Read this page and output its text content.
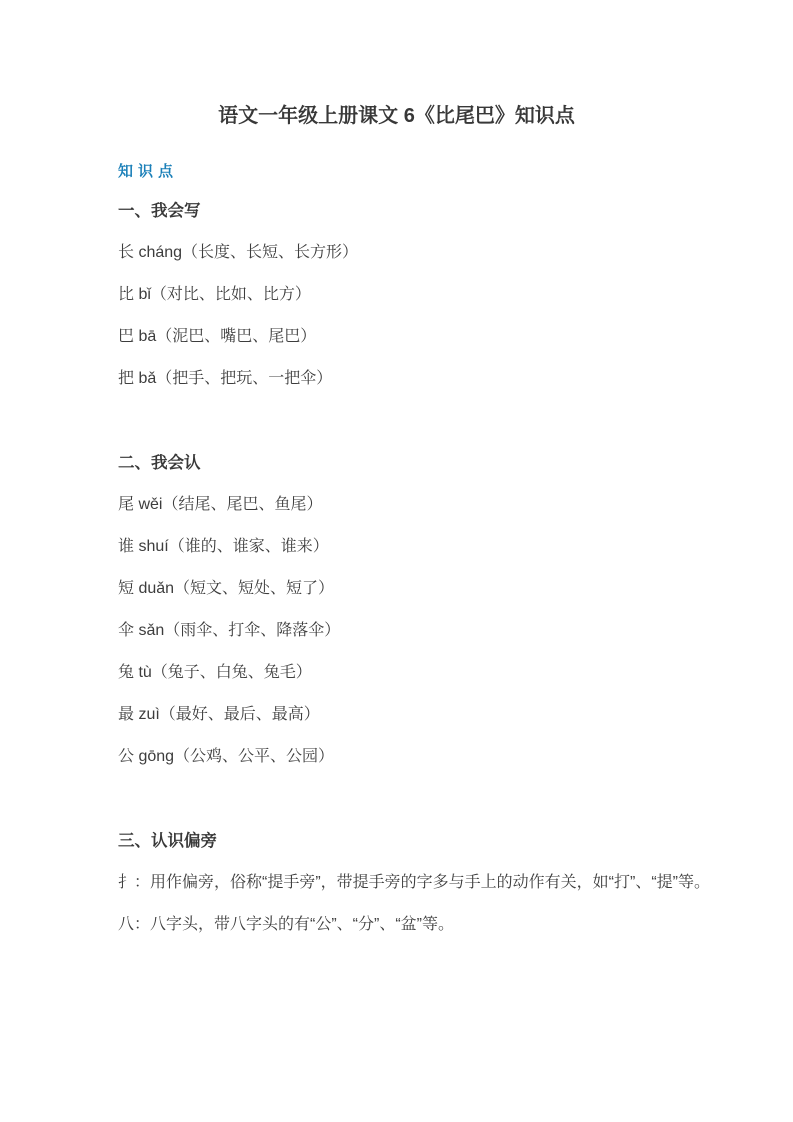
语文一年级上册课文 6《比尾巴》知识点
知识点
一、我会写

长 cháng（长度、长短、长方形）

比 bǐ（对比、比如、比方）

巴 bā（泥巴、嘴巴、尾巴）

把 bǎ（把手、把玩、一把伞）

二、我会认

尾 wěi（结尾、尾巴、鱼尾）

谁 shuí（谁的、谁家、谁来）

短 duǎn（短文、短处、短了）

伞 sǎn（雨伞、打伞、降落伞）

兔 tù（兔子、白兔、兔毛）

最 zuì（最好、最后、最高）

公 gōng（公鸡、公平、公园）

三、认识偏旁

扌：用作偏旁，俗称“提手旁”，带提手旁的字多与手上的动作有关，如“打”、“提”等。

八：八字头，带八字头的有“公”、“分”、“盆”等。
